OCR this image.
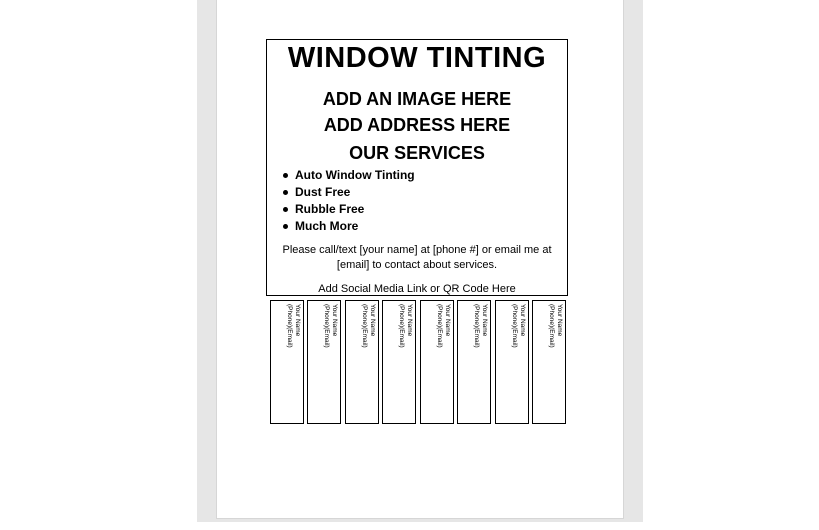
WINDOW TINTING
ADD AN IMAGE HERE
ADD ADDRESS HERE
OUR SERVICES
Auto Window Tinting
Dust Free
Rubble Free
Much More
Please call/text [your name] at [phone #] or email me at [email] to contact about services.
Add Social Media Link or QR Code Here
Your Name
(Phone)(Email)	Your Name
(Phone)(Email)	Your Name
(Phone)(Email)	Your Name
(Phone)(Email)	Your Name
(Phone)(Email)	Your Name
(Phone)(Email)	Your Name
(Phone)(Email)	Your Name
(Phone)(Email)
